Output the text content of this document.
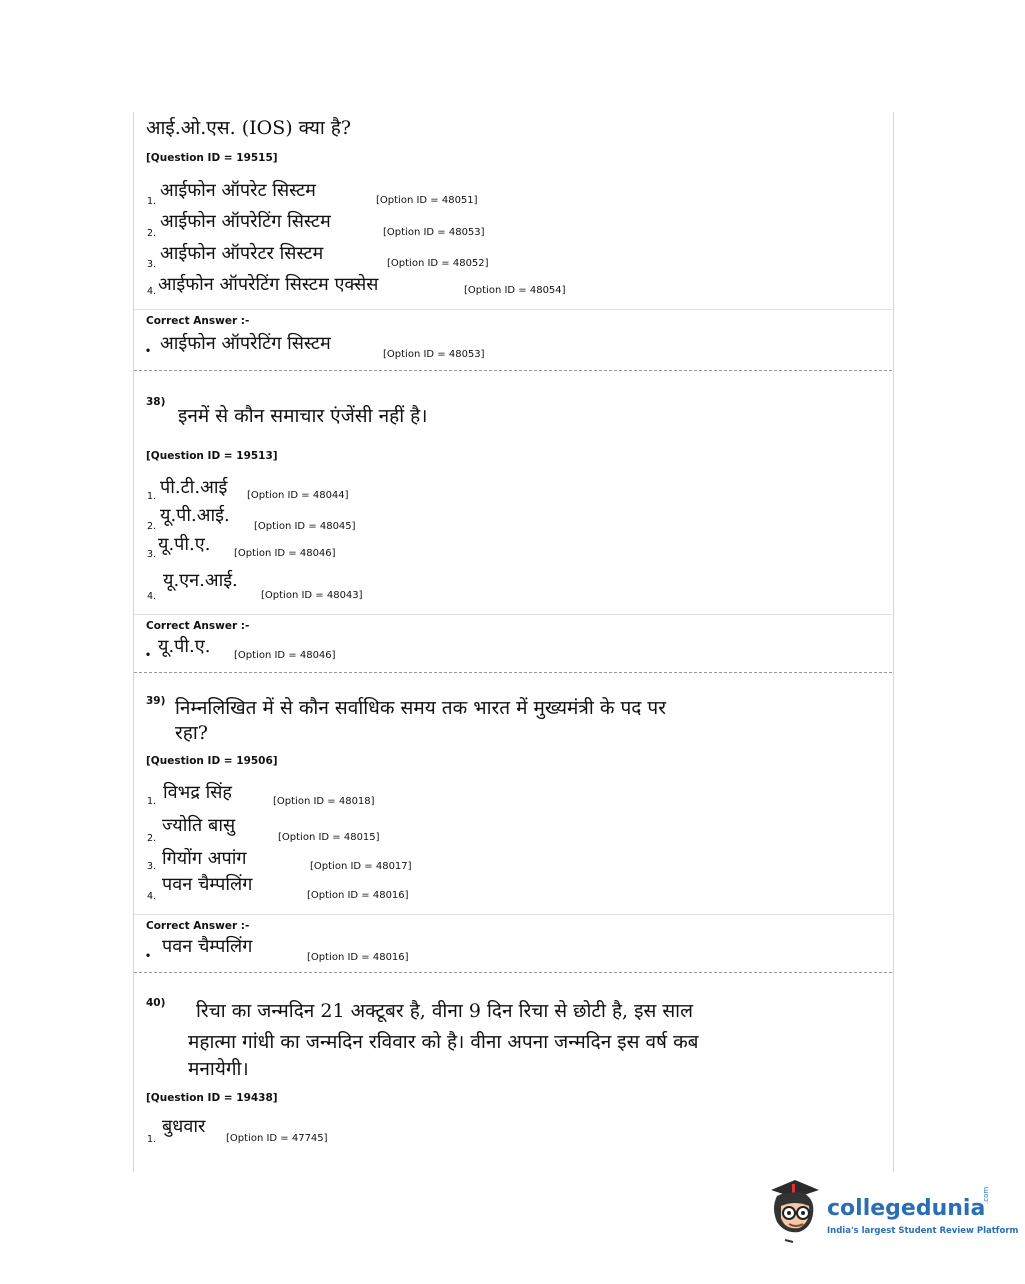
आई.ओ.एस. (IOS) क्या है?
[Question ID = 19515]
1.
आईफोन ऑपरेट सिस्टम	[Option ID = 48051]
2.
आईफोन ऑपरेटिंग सिस्टम
[Option ID = 48053]
3.
आईफोन ऑपरेटर सिस्टम	[Option ID = 48052]
4. आईफोन ऑपरेटिंग सिस्टम एक्सेस	[Option ID = 48054]
Correct Answer :-
• आईफोन ऑपरेटिंग सिस्टम
[Option ID = 48053]
38)
इनमें से कौन समाचार एंजेंसी नहीं है।
[Question ID = 19513]
1. पी.टी.आई [Option ID = 48044]
2.
यू.पी.आई.
[Option ID = 48045]
3. यू.पी.ए. [Option ID = 48046]
4.
यू.एन.आई.
[Option ID = 48043]
Correct Answer :-
• यू.पी.ए. [Option ID = 48046]
39) निम्नलिखित में से कौन सर्वाधिक समय तक भारत में मुख्यमंत्री के पद पर
रहा?
[Question ID = 19506]
1. विभद्र सिंह	[Option ID = 48018]
2.
ज्योति बासु
[Option ID = 48015]
3. गियोंग अपांग	[Option ID = 48017]
4.
पवन चैम्पलिंग
[Option ID = 48016]
Correct Answer :-
• पवन चैम्पलिंग
[Option ID = 48016]
40) रिचा का जन्मदिन 21 अक्टूबर है, वीना 9 दिन रिचा से छोटी है, इस साल
महात्मा गांधी का जन्मदिन रविवार को है। वीना अपना जन्मदिन इस वर्ष कब
मनायेगी।
[Question ID = 19438]
1.
बुधवार
[Option ID = 47745]
collegedunia
.com
India's largest Student Review Platform
